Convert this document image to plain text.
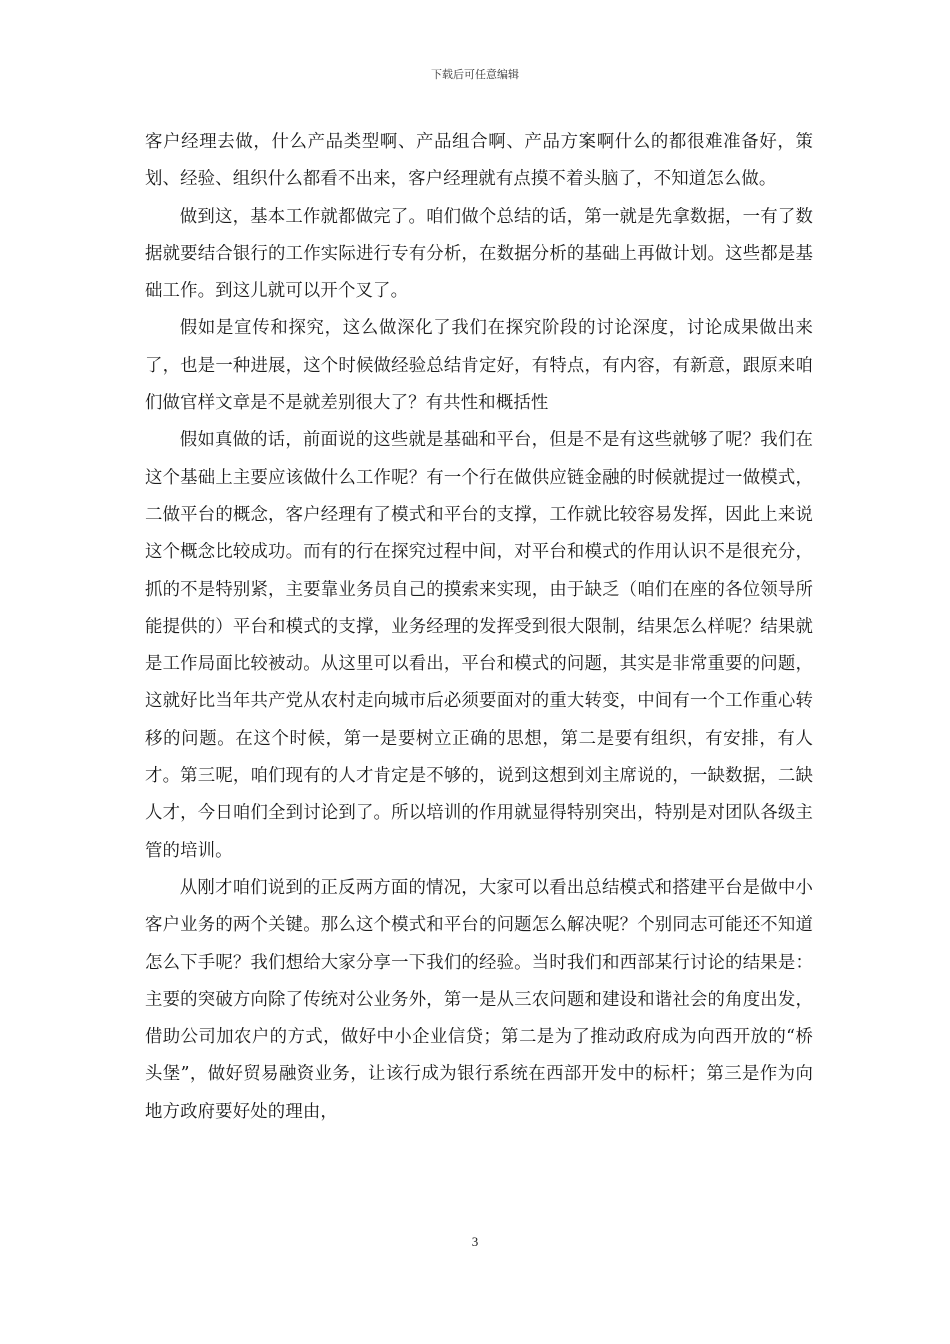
下载后可任意编辑

客户经理去做，什么产品类型啊、产品组合啊、产品方案啊什么的都很难准备好，策划、经验、组织什么都看不出来，客户经理就有点摸不着头脑了，不知道怎么做。

做到这，基本工作就都做完了。咱们做个总结的话，第一就是先拿数据，一有了数据就要结合银行的工作实际进行专有分析，在数据分析的基础上再做计划。这些都是基础工作。到这儿就可以开个叉了。

假如是宣传和探究，这么做深化了我们在探究阶段的讨论深度，讨论成果做出来了，也是一种进展，这个时候做经验总结肯定好，有特点，有内容，有新意，跟原来咱们做官样文章是不是就差别很大了？有共性和概括性

假如真做的话，前面说的这些就是基础和平台，但是不是有这些就够了呢？我们在这个基础上主要应该做什么工作呢？有一个行在做供应链金融的时候就提过一做模式，二做平台的概念，客户经理有了模式和平台的支撑，工作就比较容易发挥，因此上来说这个概念比较成功。而有的行在探究过程中间，对平台和模式的作用认识不是很充分，抓的不是特别紧，主要靠业务员自己的摸索来实现，由于缺乏（咱们在座的各位领导所能提供的）平台和模式的支撑，业务经理的发挥受到很大限制，结果怎么样呢？结果就是工作局面比较被动。从这里可以看出，平台和模式的问题，其实是非常重要的问题，这就好比当年共产党从农村走向城市后必须要面对的重大转变，中间有一个工作重心转移的问题。在这个时候，第一是要树立正确的思想，第二是要有组织，有安排，有人才。第三呢，咱们现有的人才肯定是不够的，说到这想到刘主席说的，一缺数据，二缺人才，今日咱们全到讨论到了。所以培训的作用就显得特别突出，特别是对团队各级主管的培训。

从刚才咱们说到的正反两方面的情况，大家可以看出总结模式和搭建平台是做中小客户业务的两个关键。那么这个模式和平台的问题怎么解决呢？个别同志可能还不知道怎么下手呢？我们想给大家分享一下我们的经验。当时我们和西部某行讨论的结果是：主要的突破方向除了传统对公业务外，第一是从三农问题和建设和谐社会的角度出发，借助公司加农户的方式，做好中小企业信贷；第二是为了推动政府成为向西开放的“桥头堡”，做好贸易融资业务，让该行成为银行系统在西部开发中的标杆；第三是作为向地方政府要好处的理由，

3
